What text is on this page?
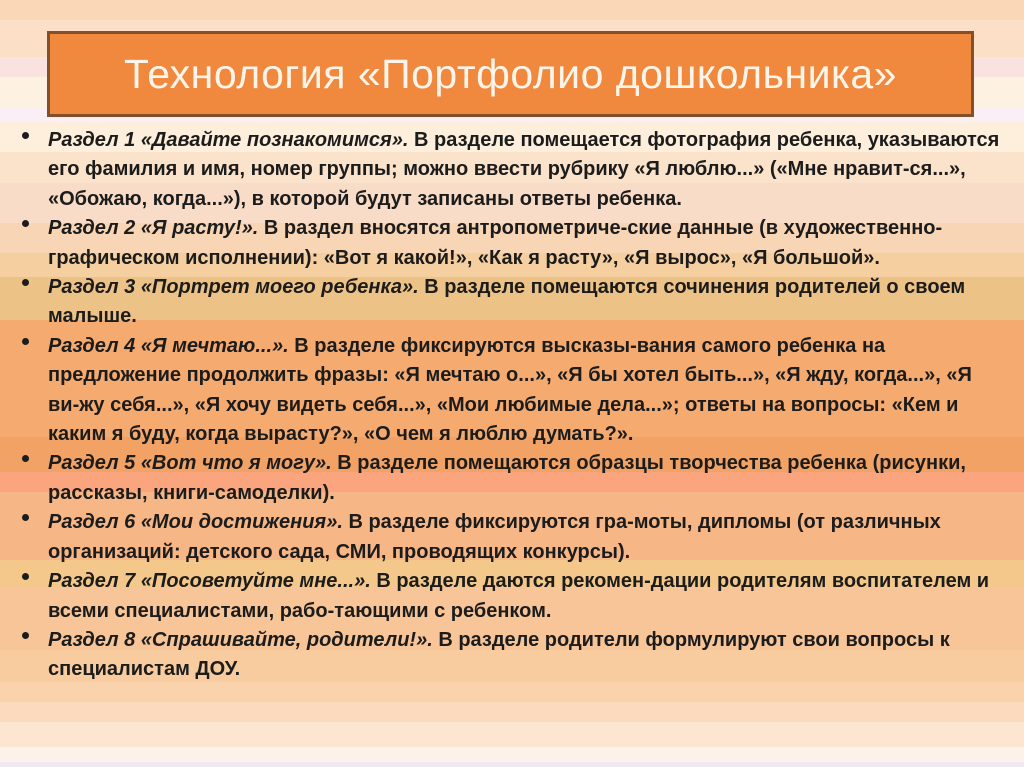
Технология «Портфолио дошкольника»
Раздел 1 «Давайте познакомимся». В разделе помещается фотография ребенка, указываются его фамилия и имя, номер группы; можно ввести рубрику «Я люблю...» («Мне нравит-ся...», «Обожаю, когда...»), в которой будут записаны ответы ребенка.
Раздел 2 «Я расту!». В раздел вносятся антропометриче-ские данные (в художественно-графическом исполнении): «Вот я какой!», «Как я расту», «Я вырос», «Я большой».
Раздел 3 «Портрет моего ребенка». В разделе помещаются сочинения родителей о своем малыше.
Раздел 4 «Я мечтаю...». В разделе фиксируются высказы-вания самого ребенка на предложение продолжить фразы: «Я мечтаю о...», «Я бы хотел быть...», «Я жду, когда...», «Я ви-жу себя...», «Я хочу видеть себя...», «Мои любимые дела...»; ответы на вопросы: «Кем и каким я буду, когда вырасту?», «О чем я люблю думать?».
Раздел 5 «Вот что я могу». В разделе помещаются образцы творчества ребенка (рисунки, рассказы, книги-самоделки).
Раздел 6 «Мои достижения». В разделе фиксируются гра-моты, дипломы (от различных организаций: детского сада, СМИ, проводящих конкурсы).
Раздел 7 «Посоветуйте мне...». В разделе даются рекомен-дации родителям воспитателем и всеми специалистами, рабо-тающими с ребенком.
Раздел 8 «Спрашивайте, родители!». В разделе родители формулируют свои вопросы к специалистам ДОУ.
